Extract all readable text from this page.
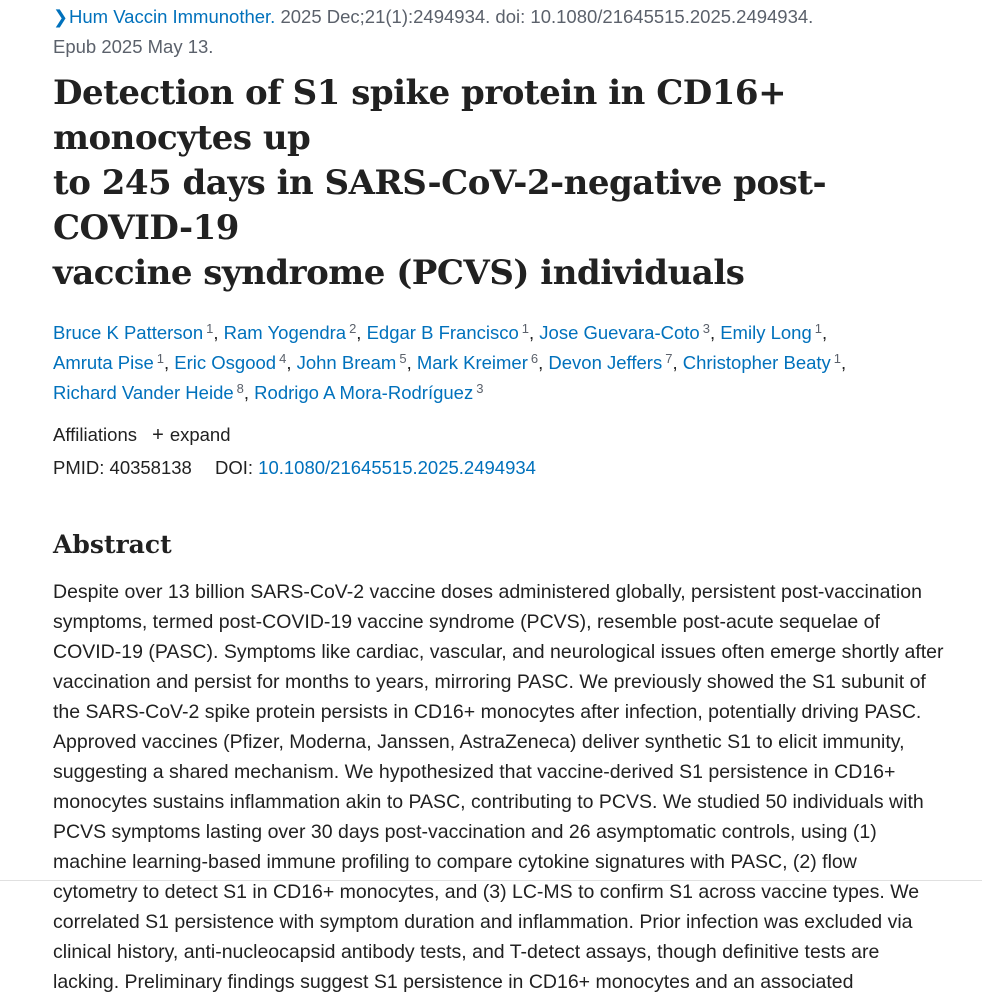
❯Hum Vaccin Immunother. 2025 Dec;21(1):2494934. doi: 10.1080/21645515.2025.2494934.
Epub 2025 May 13.
Detection of S1 spike protein in CD16+ monocytes up
to 245 days in SARS-CoV-2-negative post-COVID-19
vaccine syndrome (PCVS) individuals
Bruce K Patterson $^1$, Ram Yogendra $^2$, Edgar B Francisco $^1$, Jose Guevara-Coto $^3$, Emily Long $^1$,
Amruta Pise $^1$, Eric Osgood $^4$, John Bream $^5$, Mark Kreimer $^6$, Devon Jeffers $^7$, Christopher Beaty $^1$,
Richard Vander Heide $^8$, Rodrigo A Mora-Rodríguez $^3$
Affiliations + expand
PMID: 40358138 DOI: 10.1080/21645515.2025.2494934
Abstract
Despite over 13 billion SARS-CoV-2 vaccine doses administered globally, persistent post-vaccination
symptoms, termed post-COVID-19 vaccine syndrome (PCVS), resemble post-acute sequelae of
COVID-19 (PASC). Symptoms like cardiac, vascular, and neurological issues often emerge shortly after
vaccination and persist for months to years, mirroring PASC. We previously showed the S1 subunit of
the SARS-CoV-2 spike protein persists in CD16+ monocytes after infection, potentially driving PASC.
Approved vaccines (Pfizer, Moderna, Janssen, AstraZeneca) deliver synthetic S1 to elicit immunity,
suggesting a shared mechanism. We hypothesized that vaccine-derived S1 persistence in CD16+
monocytes sustains inflammation akin to PASC, contributing to PCVS. We studied 50 individuals with
PCVS symptoms lasting over 30 days post-vaccination and 26 asymptomatic controls, using (1)
machine learning-based immune profiling to compare cytokine signatures with PASC, (2) flow
cytometry to detect S1 in CD16+ monocytes, and (3) LC-MS to confirm S1 across vaccine types. We
correlated S1 persistence with symptom duration and inflammation. Prior infection was excluded via
clinical history, anti-nucleocapsid antibody tests, and T-detect assays, though definitive tests are
lacking. Preliminary findings suggest S1 persistence in CD16+ monocytes and an associated
